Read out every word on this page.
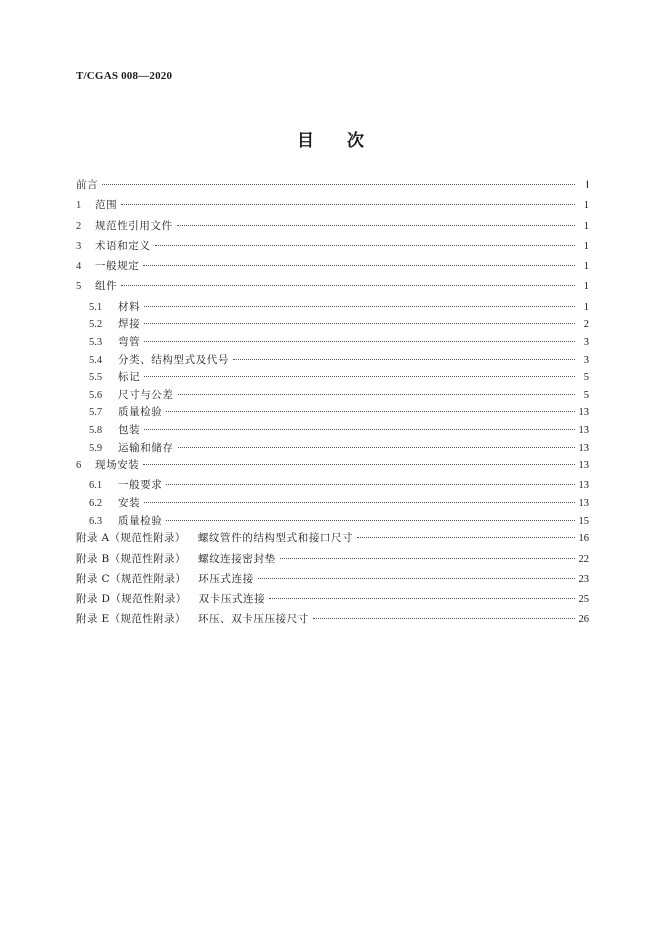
T/CGAS 008—2020
目 次
前言	Ⅰ
1	范围	1
2	规范性引用文件	1
3	术语和定义	1
4	一般规定	1
5	组件	1
5.1	材料	1
5.2	焊接	2
5.3	弯管	3
5.4	分类、结构型式及代号	3
5.5	标记	5
5.6	尺寸与公差	5
5.7	质量检验	13
5.8	包装	13
5.9	运输和储存	13
6	现场安装	13
6.1	一般要求	13
6.2	安装	13
6.3	质量检验	15
附录 A（规范性附录） 螺纹管件的结构型式和接口尺寸	16
附录 B（规范性附录） 螺纹连接密封垫	22
附录 C（规范性附录） 环压式连接	23
附录 D（规范性附录） 双卡压式连接	25
附录 E（规范性附录） 环压、双卡压压接尺寸	26
